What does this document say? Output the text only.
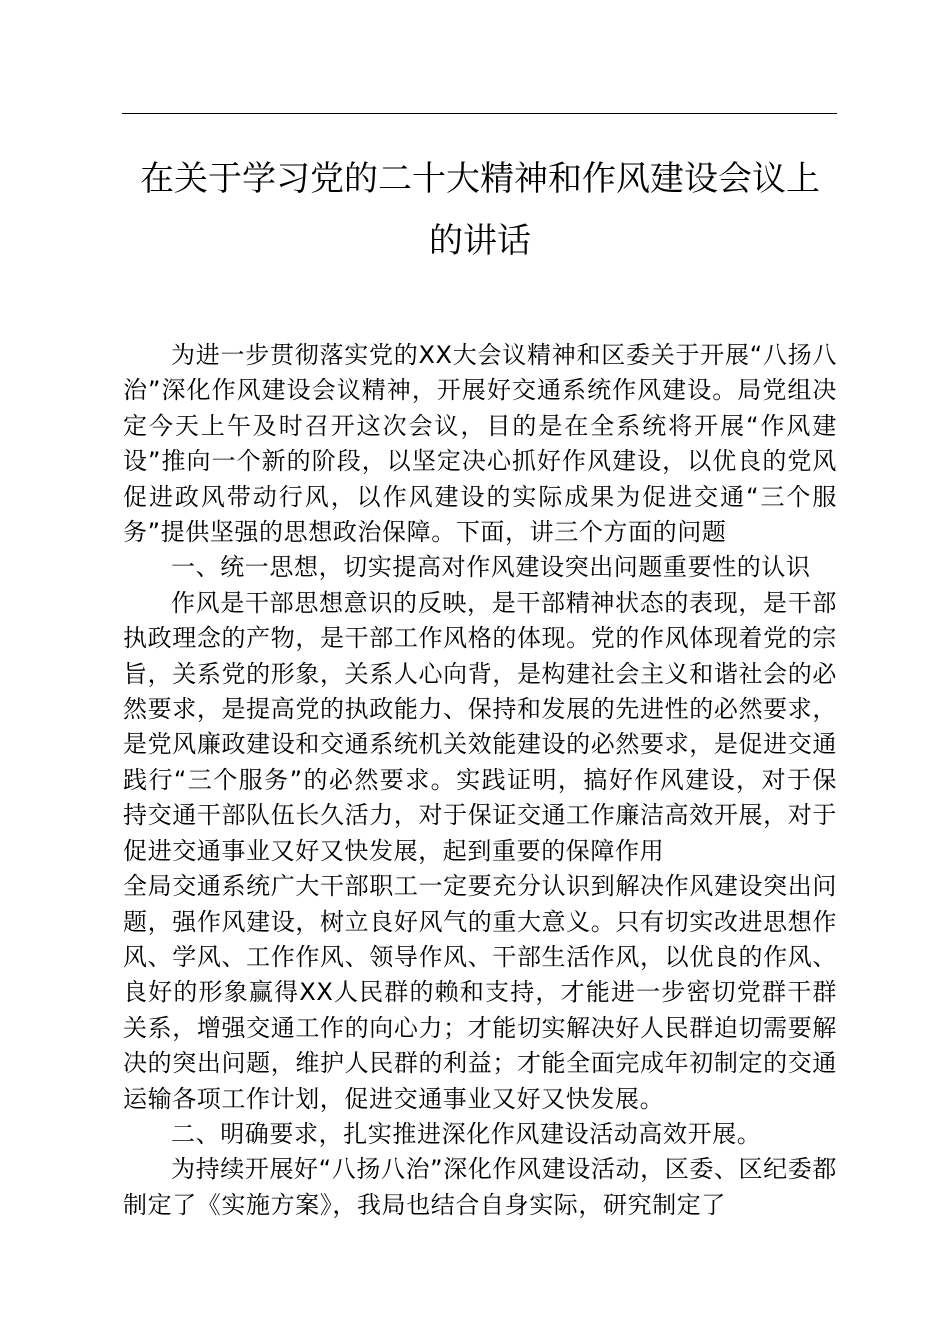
在关于学习党的二十大精神和作风建设会议上
的讲话

为进一步贯彻落实党的XX大会议精神和区委关于开展“八扬八治”深化作风建设会议精神，开展好交通系统作风建设。局党组决定今天上午及时召开这次会议，目的是在全系统将开展“作风建设”推向一个新的阶段，以坚定决心抓好作风建设，以优良的党风促进政风带动行风，以作风建设的实际成果为促进交通“三个服务”提供坚强的思想政治保障。下面，讲三个方面的问题

一、统一思想，切实提高对作风建设突出问题重要性的认识

作风是干部思想意识的反映，是干部精神状态的表现，是干部执政理念的产物，是干部工作风格的体现。党的作风体现着党的宗旨，关系党的形象，关系人心向背，是构建社会主义和谐社会的必然要求，是提高党的执政能力、保持和发展的先进性的必然要求，是党风廉政建设和交通系统机关效能建设的必然要求，是促进交通践行“三个服务”的必然要求。实践证明，搞好作风建设，对于保持交通干部队伍长久活力，对于保证交通工作廉洁高效开展，对于促进交通事业又好又快发展，起到重要的保障作用

全局交通系统广大干部职工一定要充分认识到解决作风建设突出问题，强作风建设，树立良好风气的重大意义。只有切实改进思想作风、学风、工作作风、领导作风、干部生活作风，以优良的作风、良好的形象赢得XX人民群的赖和支持，才能进一步密切党群干群关系，增强交通工作的向心力；才能切实解决好人民群迫切需要解决的突出问题，维护人民群的利益；才能全面完成年初制定的交通运输各项工作计划，促进交通事业又好又快发展。

二、明确要求，扎实推进深化作风建设活动高效开展。

为持续开展好“八扬八治”深化作风建设活动，区委、区纪委都制定了《实施方案》，我局也结合自身实际，研究制定了
